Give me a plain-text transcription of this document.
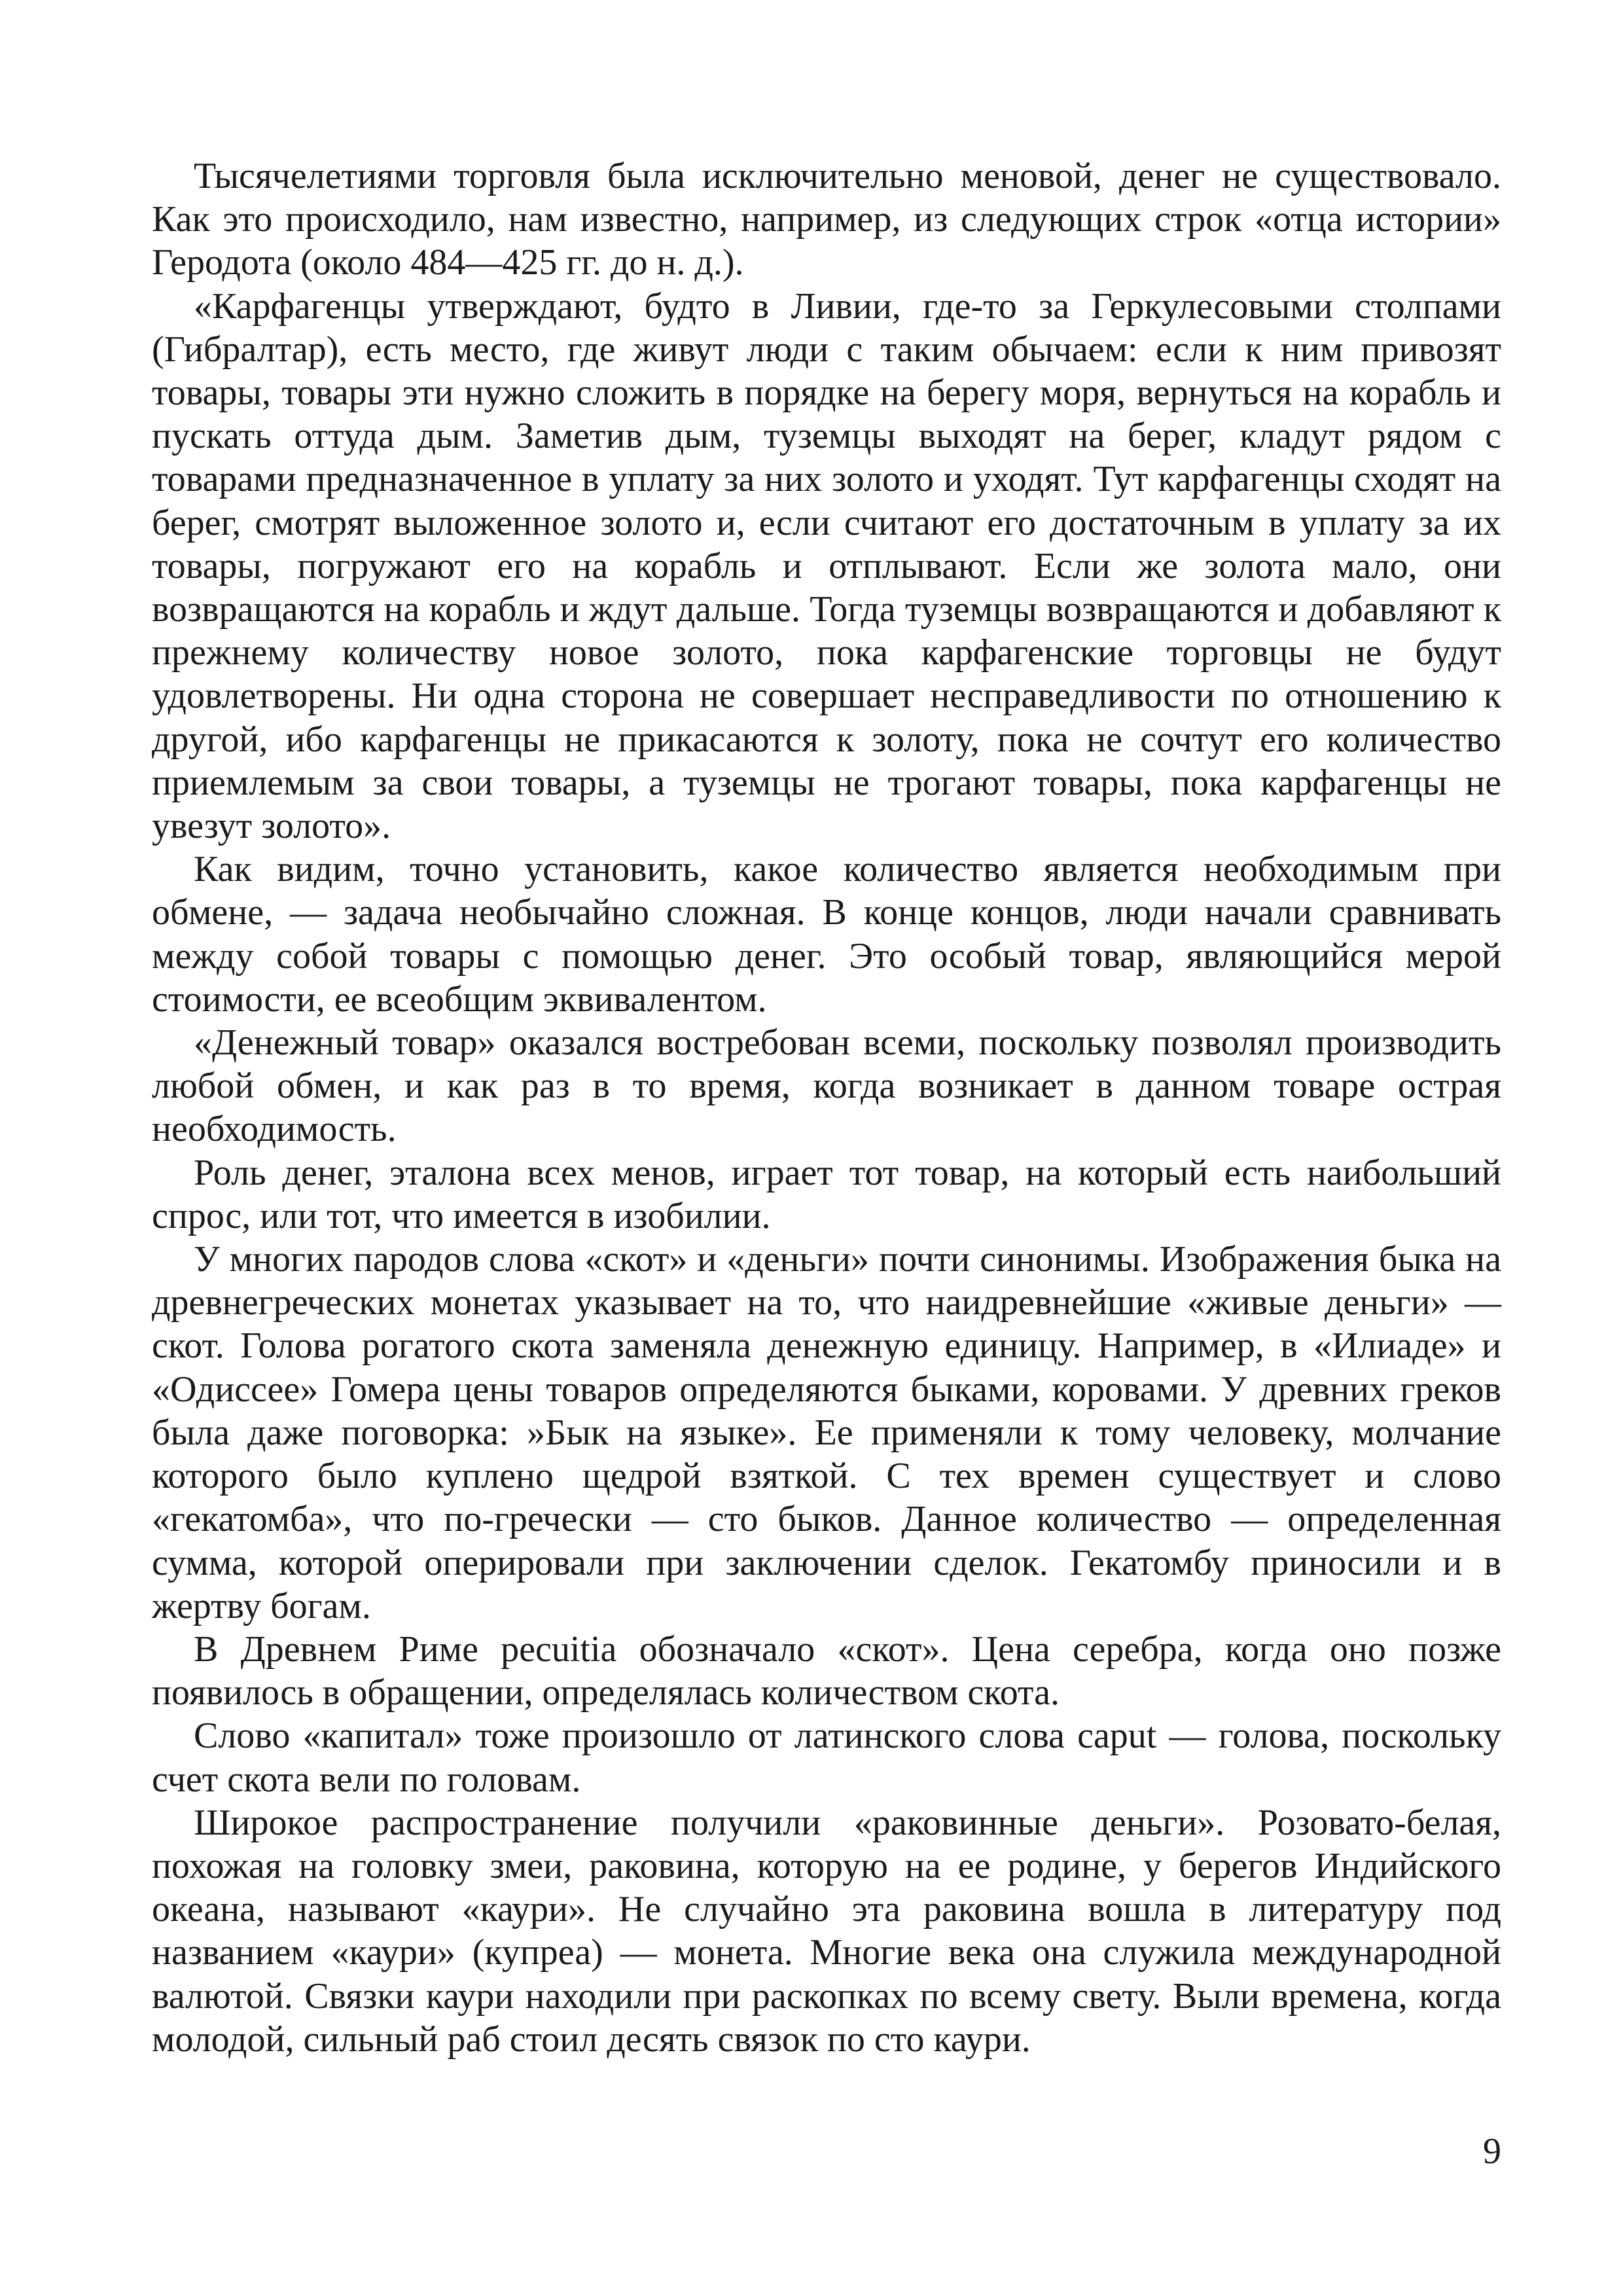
Тысячелетиями торговля была исключительно меновой, денег не существовало. Как это происходило, нам известно, например, из следующих строк «отца истории» Геродота (около 484—425 гг. до н. д.).

«Карфагенцы утверждают, будто в Ливии, где-то за Геркулесовыми столпами (Гибралтар), есть место, где живут люди с таким обычаем: если к ним привозят товары, товары эти нужно сложить в порядке на берегу моря, вернуться на корабль и пускать оттуда дым. Заметив дым, туземцы выходят на берег, кладут рядом с товарами предназначенное в уплату за них золото и уходят. Тут карфагенцы сходят на берег, смотрят выложенное золото и, если считают его достаточным в уплату за их товары, погружают его на корабль и отплывают. Если же золота мало, они возвращаются на корабль и ждут дальше. Тогда туземцы возвращаются и добавляют к прежнему количеству новое золото, пока карфагенские торговцы не будут удовлетворены. Ни одна сторона не совершает несправедливости по отношению к другой, ибо карфагенцы не прикасаются к золоту, пока не сочтут его количество приемлемым за свои товары, а туземцы не трогают товары, пока карфагенцы не увезут золото».

Как видим, точно установить, какое количество является необходимым при обмене, — задача необычайно сложная. В конце концов, люди начали сравнивать между собой товары с помощью денег. Это особый товар, являющийся мерой стоимости, ее всеобщим эквивалентом.

«Денежный товар» оказался востребован всеми, поскольку позволял производить любой обмен, и как раз в то время, когда возникает в данном товаре острая необходимость.

Роль денег, эталона всех менов, играет тот товар, на который есть наибольший спрос, или тот, что имеется в изобилии.

У многих пародов слова «скот» и «деньги» почти синонимы. Изображения быка на древнегреческих монетах указывает на то, что наидревнейшие «живые деньги» — скот. Голова рогатого скота заменяла денежную единицу. Например, в «Илиаде» и «Одиссее» Гомера цены товаров определяются быками, коровами. У древних греков была даже поговорка: »Бык на языке». Ее применяли к тому человеку, молчание которого было куплено щедрой взяткой. С тех времен существует и слово «гекатомба», что по-гречески — сто быков. Данное количество — определенная сумма, которой оперировали при заключении сделок. Гекатомбу приносили и в жертву богам.

В Древнем Риме pecuitia обозначало «скот». Цена серебра, когда оно позже появилось в обращении, определялась количеством скота.

Слово «капитал» тоже произошло от латинского слова caput — голова, поскольку счет скота вели по головам.

Широкое распространение получили «раковинные деньги». Розовато-белая, похожая на головку змеи, раковина, которую на ее родине, у берегов Индийского океана, называют «каури». Не случайно эта раковина вошла в литературу под названием «каури» (купреа) — монета. Многие века она служила международной валютой. Связки каури находили при раскопках по всему свету. Выли времена, когда молодой, сильный раб стоил десять связок по сто каури.

9
